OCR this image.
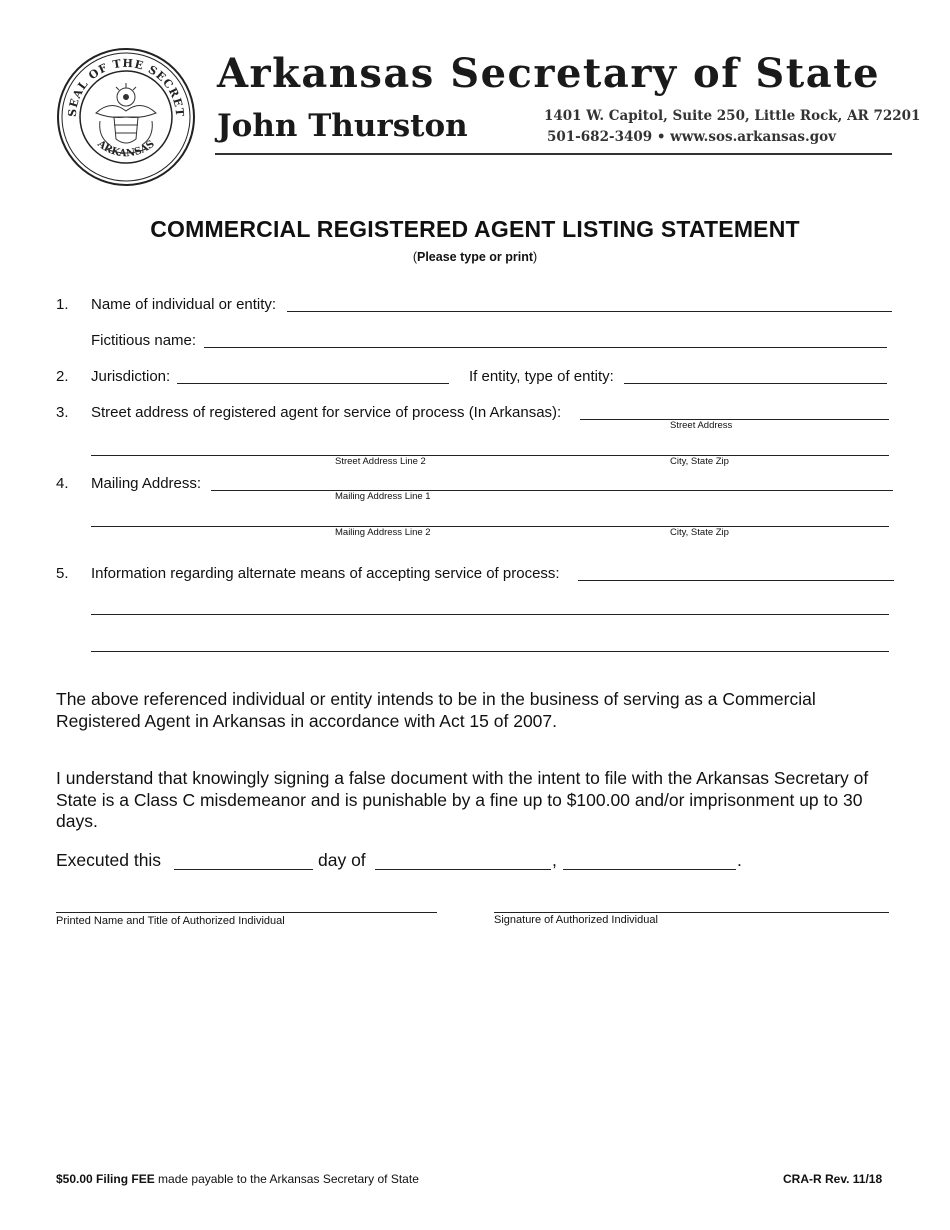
SEAL OF THE SECRET
ARKANSAS
Arkansas Secretary of State
John Thurston	1401 W. Capitol, Suite 250, Little Rock, AR 72201
501-682-3409 • www.sos.arkansas.gov
COMMERCIAL REGISTERED AGENT LISTING STATEMENT
(Please type or print)
1. Name of individual or entity:
Fictitious name:
2. Jurisdiction:	If entity, type of entity:
3. Street address of registered agent for service of process (In Arkansas):
Street Address
Street Address Line 2	City, State Zip
4. Mailing Address:
Mailing Address Line 1
Mailing Address Line 2	City, State Zip
5. Information regarding alternate means of accepting service of process:
The above referenced individual or entity intends to be in the business of serving as a Commercial Registered Agent in Arkansas in accordance with Act 15 of 2007.
I understand that knowingly signing a false document with the intent to file with the Arkansas Secretary of State is a Class C misdemeanor and is punishable by a fine up to $100.00 and/or imprisonment up to 30 days.
Executed this	day of	,	.
Printed Name and Title of Authorized Individual	Signature of Authorized Individual
$50.00 Filing FEE made payable to the Arkansas Secretary of State	CRA-R Rev. 11/18
